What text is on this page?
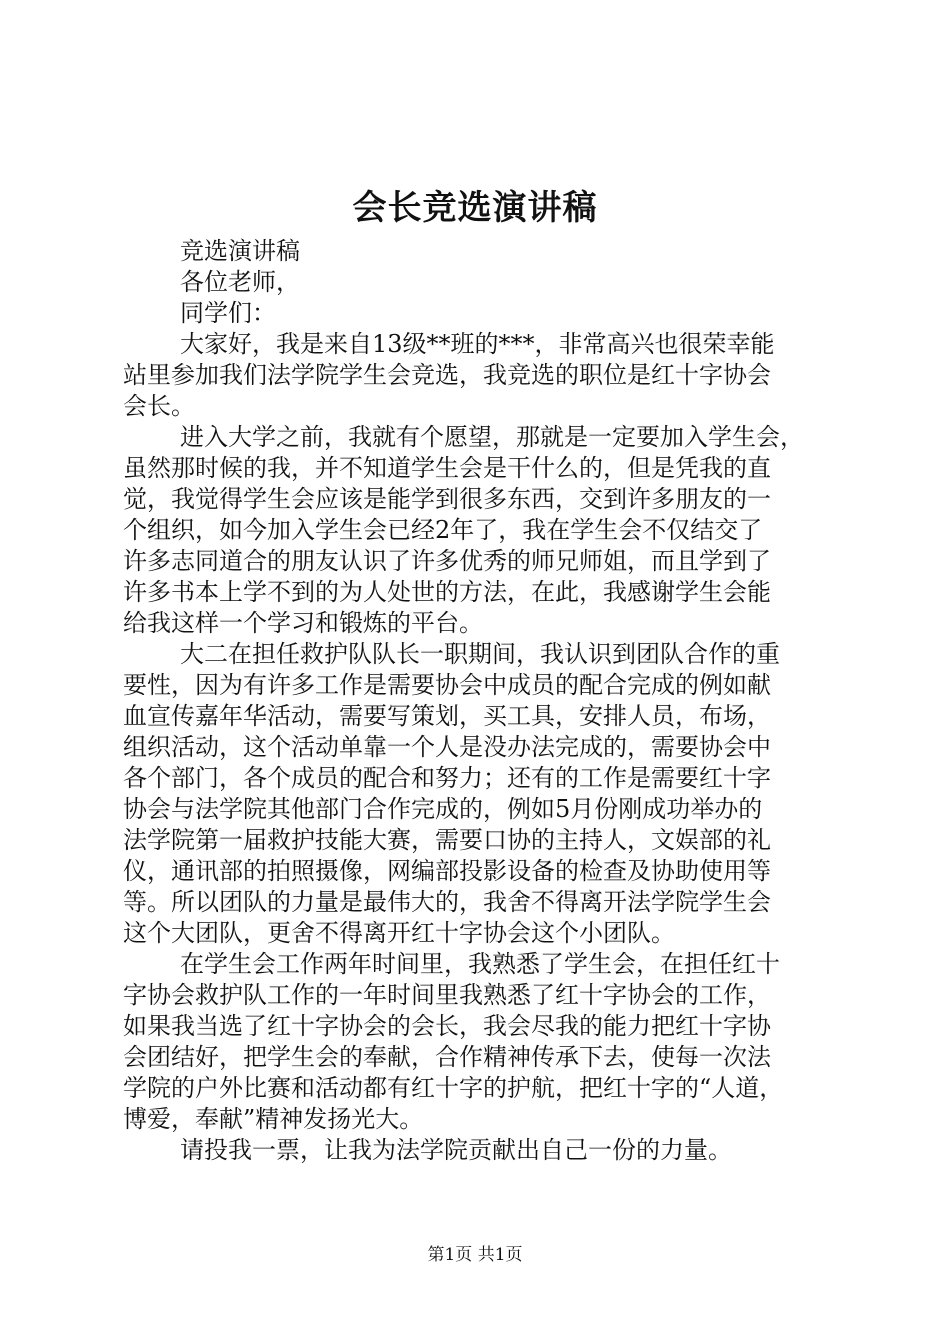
会长竞选演讲稿
竞选演讲稿
各位老师，
同学们：
大家好，我是来自13级**班的***，非常高兴也很荣幸能
站里参加我们法学院学生会竞选，我竞选的职位是红十字协会
会长。
进入大学之前，我就有个愿望，那就是一定要加入学生会，
虽然那时候的我，并不知道学生会是干什么的，但是凭我的直
觉，我觉得学生会应该是能学到很多东西，交到许多朋友的一
个组织，如今加入学生会已经2年了，我在学生会不仅结交了
许多志同道合的朋友认识了许多优秀的师兄师姐，而且学到了
许多书本上学不到的为人处世的方法，在此，我感谢学生会能
给我这样一个学习和锻炼的平台。
大二在担任救护队队长一职期间，我认识到团队合作的重
要性，因为有许多工作是需要协会中成员的配合完成的例如献
血宣传嘉年华活动，需要写策划，买工具，安排人员，布场，
组织活动，这个活动单靠一个人是没办法完成的，需要协会中
各个部门，各个成员的配合和努力；还有的工作是需要红十字
协会与法学院其他部门合作完成的，例如5月份刚成功举办的
法学院第一届救护技能大赛，需要口协的主持人，文娱部的礼
仪，通讯部的拍照摄像，网编部投影设备的检查及协助使用等
等。所以团队的力量是最伟大的，我舍不得离开法学院学生会
这个大团队，更舍不得离开红十字协会这个小团队。
在学生会工作两年时间里，我熟悉了学生会，在担任红十
字协会救护队工作的一年时间里我熟悉了红十字协会的工作，
如果我当选了红十字协会的会长，我会尽我的能力把红十字协
会团结好，把学生会的奉献，合作精神传承下去，使每一次法
学院的户外比赛和活动都有红十字的护航，把红十字的“人道，
博爱，奉献”精神发扬光大。
请投我一票，让我为法学院贡献出自己一份的力量。
第1页 共1页
